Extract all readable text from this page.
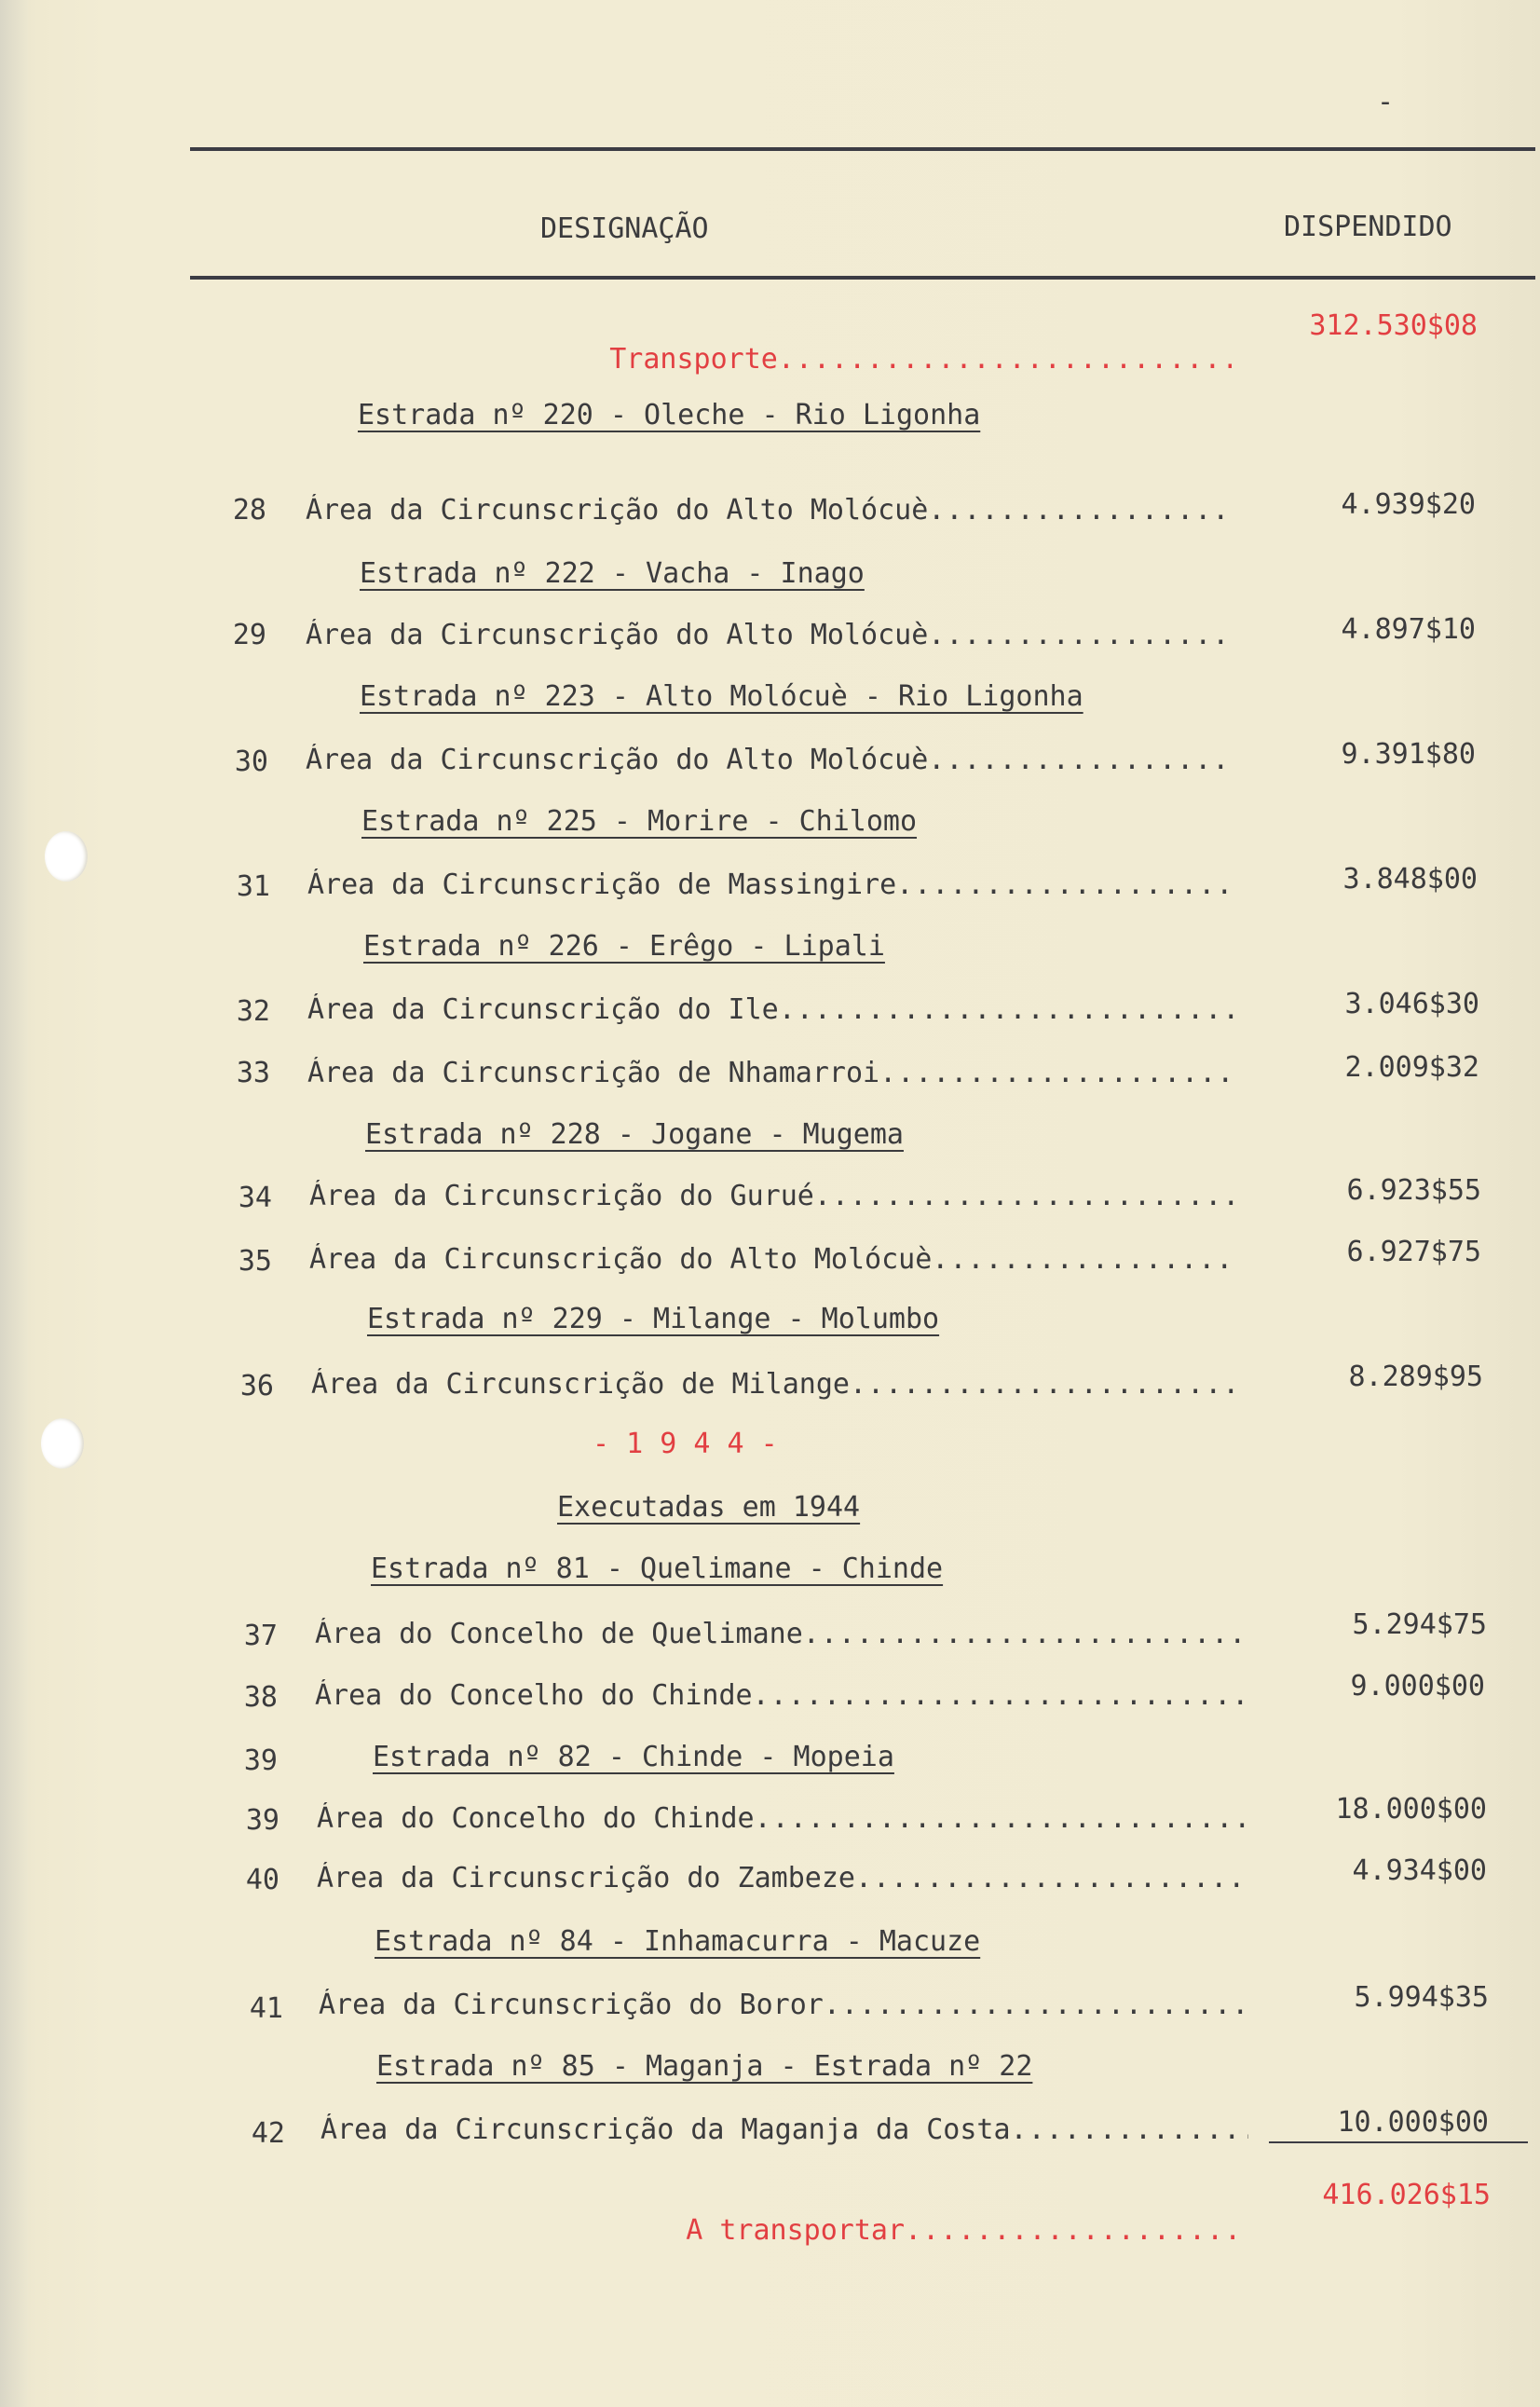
-
DESIGNAÇÃO	DISPENDIDO

Transporte .....

312.530$08
Estrada nº 220 - Oleche - Rio Ligonha
28 Área da Circunscrição do Alto Molócuè .....	4.939$20
Estrada nº 222 - Vacha - Inago
29 Área da Circunscrição do Alto Molócuè .....	4.897$10
Estrada nº 223 - Alto Molócuè - Rio Ligonha
30 Área da Circunscrição do Alto Molócuè .....	9.391$80
Estrada nº 225 - Morire - Chilomo
31 Área da Circunscrição de Massingire .....	3.848$00
Estrada nº 226 - Erêgo - Lipali
32 Área da Circunscrição do Ile .....	3.046$30
33 Área da Circunscrição de Nhamarroi .....	2.009$32
Estrada nº 228 - Jogane - Mugema
34 Área da Circunscrição do Gurué .....	6.923$55
35 Área da Circunscrição do Alto Molócuè .....	6.927$75
Estrada nº 229 - Milange - Molumbo
36 Área da Circunscrição de Milange .....	8.289$95
- 1 9 4 4 -
Executadas em 1944
Estrada nº 81 - Quelimane - Chinde
37 Área do Concelho de Quelimane .....	5.294$75
38 Área do Concelho do Chinde .....	9.000$00
39	Estrada nº 82 - Chinde - Mopeia
39 Área do Concelho do Chinde .....	18.000$00
40 Área da Circunscrição do Zambeze .....	4.934$00
Estrada nº 84 - Inhamacurra - Macuze
41 Área da Circunscrição do Boror .....	5.994$35
Estrada nº 85 - Maganja - Estrada nº 22
42 Área da Circunscrição da Maganja da Costa .....	10.000$00

A transportar .....

416.026$15
